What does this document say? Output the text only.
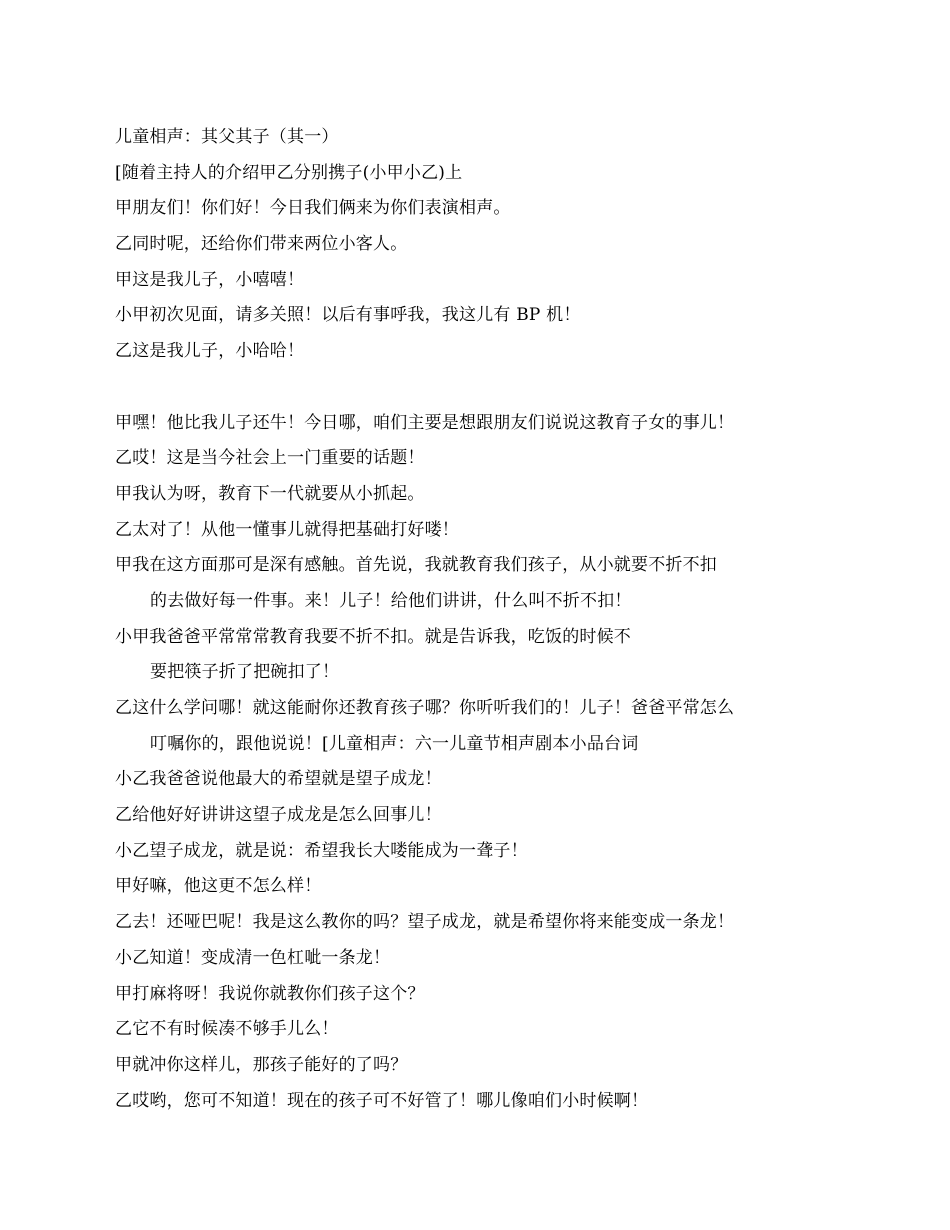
儿童相声：其父其子（其一）
[随着主持人的介绍甲乙分别携子(小甲小乙)上
甲朋友们！你们好！今日我们俩来为你们表演相声。
乙同时呢，还给你们带来两位小客人。
甲这是我儿子，小嘻嘻！
小甲初次见面，请多关照！以后有事呼我，我这儿有 BP 机！
乙这是我儿子，小哈哈！
甲嘿！他比我儿子还牛！今日哪，咱们主要是想跟朋友们说说这教育子女的事儿！
乙哎！这是当今社会上一门重要的话题！
甲我认为呀，教育下一代就要从小抓起。
乙太对了！从他一懂事儿就得把基础打好喽！
甲我在这方面那可是深有感触。首先说，我就教育我们孩子，从小就要不折不扣
的去做好每一件事。来！儿子！给他们讲讲，什么叫不折不扣！
小甲我爸爸平常常常教育我要不折不扣。就是告诉我，吃饭的时候不
要把筷子折了把碗扣了！
乙这什么学问哪！就这能耐你还教育孩子哪？你听听我们的！儿子！爸爸平常怎么
叮嘱你的，跟他说说！[儿童相声：六一儿童节相声剧本小品台词
小乙我爸爸说他最大的希望就是望子成龙！
乙给他好好讲讲这望子成龙是怎么回事儿！
小乙望子成龙，就是说：希望我长大喽能成为一聋子！
甲好嘛，他这更不怎么样！
乙去！还哑巴呢！我是这么教你的吗？望子成龙，就是希望你将来能变成一条龙！
小乙知道！变成清一色杠呲一条龙！
甲打麻将呀！我说你就教你们孩子这个？
乙它不有时候凑不够手儿么！
甲就冲你这样儿，那孩子能好的了吗？
乙哎哟，您可不知道！现在的孩子可不好管了！哪儿像咱们小时候啊！
